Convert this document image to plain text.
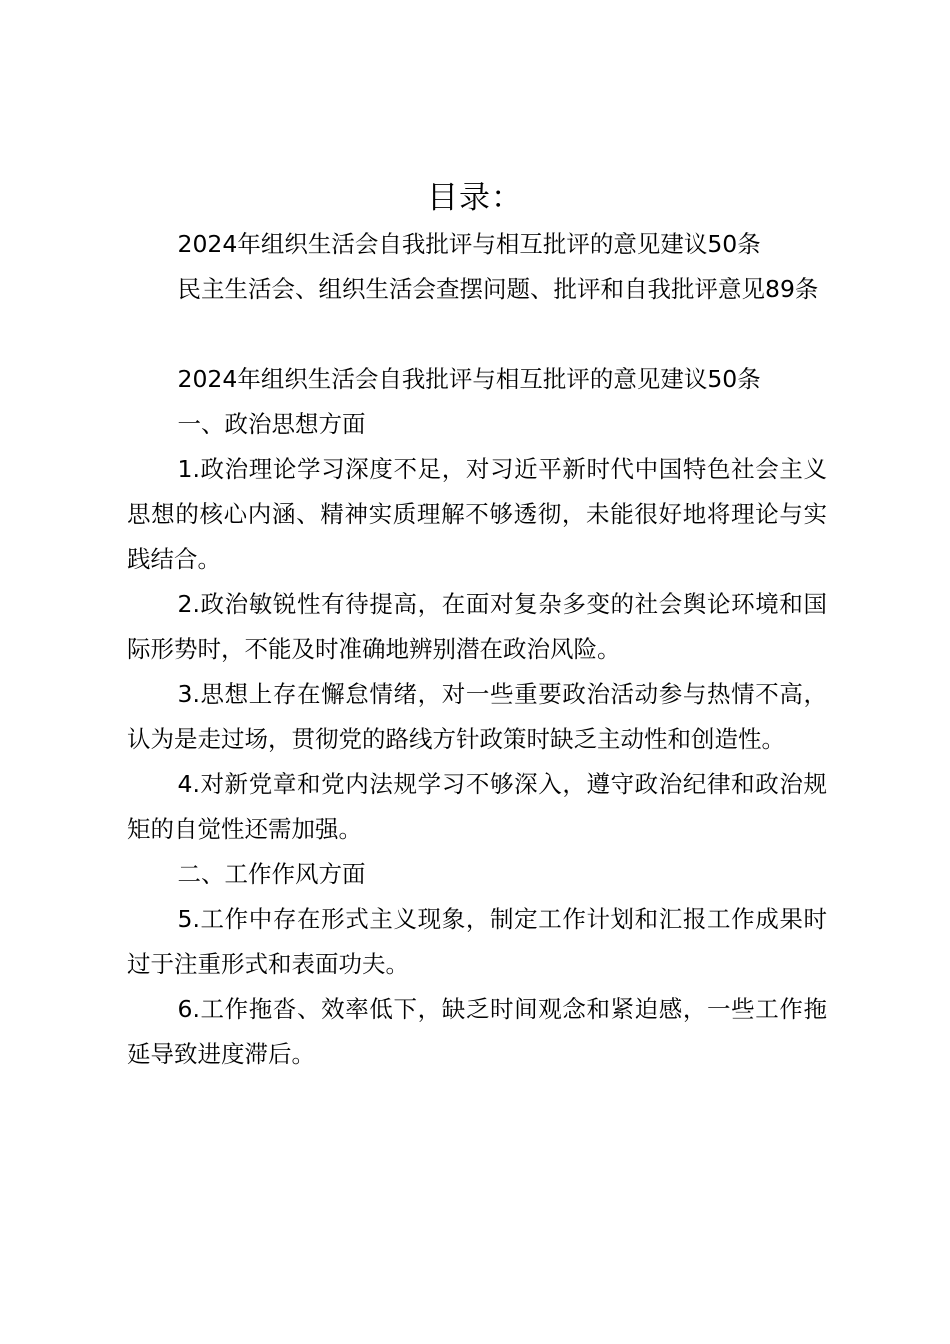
目录：

2024年组织生活会自我批评与相互批评的意见建议50条

民主生活会、组织生活会查摆问题、批评和自我批评意见89条

2024年组织生活会自我批评与相互批评的意见建议50条

一、政治思想方面

1.政治理论学习深度不足，对习近平新时代中国特色社会主义思想的核心内涵、精神实质理解不够透彻，未能很好地将理论与实践结合。

2.政治敏锐性有待提高，在面对复杂多变的社会舆论环境和国际形势时，不能及时准确地辨别潜在政治风险。

3.思想上存在懈怠情绪，对一些重要政治活动参与热情不高，认为是走过场，贯彻党的路线方针政策时缺乏主动性和创造性。

4.对新党章和党内法规学习不够深入，遵守政治纪律和政治规矩的自觉性还需加强。

二、工作作风方面

5.工作中存在形式主义现象，制定工作计划和汇报工作成果时过于注重形式和表面功夫。

6.工作拖沓、效率低下，缺乏时间观念和紧迫感，一些工作拖延导致进度滞后。
